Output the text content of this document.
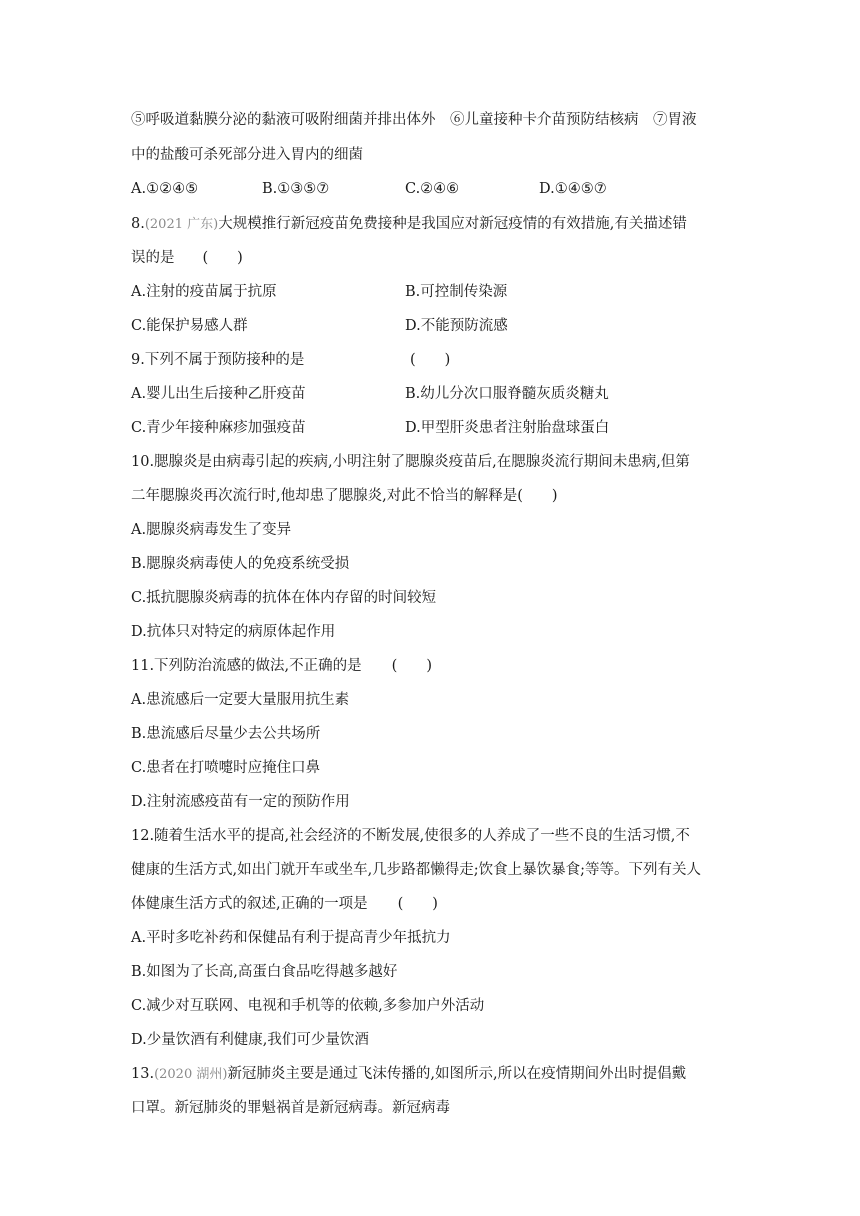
⑤呼吸道黏膜分泌的黏液可吸附细菌并排出体外　⑥儿童接种卡介苗预防结核病　⑦胃液
中的盐酸可杀死部分进入胃内的细菌
A.①②④⑤	B.①③⑤⑦	C.②④⑥	D.①④⑤⑦
8.(2021 广东)大规模推行新冠疫苗免费接种是我国应对新冠疫情的有效措施,有关描述错
误的是 (　　)
A.注射的疫苗属于抗原	B.可控制传染源
C.能保护易感人群	D.不能预防流感
9.下列不属于预防接种的是	(　　)
A.婴儿出生后接种乙肝疫苗	B.幼儿分次口服脊髓灰质炎糖丸
C.青少年接种麻疹加强疫苗	D.甲型肝炎患者注射胎盘球蛋白
10.腮腺炎是由病毒引起的疾病,小明注射了腮腺炎疫苗后,在腮腺炎流行期间未患病,但第
二年腮腺炎再次流行时,他却患了腮腺炎,对此不恰当的解释是(　　)
A.腮腺炎病毒发生了变异
B.腮腺炎病毒使人的免疫系统受损
C.抵抗腮腺炎病毒的抗体在体内存留的时间较短
D.抗体只对特定的病原体起作用
11.下列防治流感的做法,不正确的是 (　　)
A.患流感后一定要大量服用抗生素
B.患流感后尽量少去公共场所
C.患者在打喷嚏时应掩住口鼻
D.注射流感疫苗有一定的预防作用
12.随着生活水平的提高,社会经济的不断发展,使很多的人养成了一些不良的生活习惯,不
健康的生活方式,如出门就开车或坐车,几步路都懒得走;饮食上暴饮暴食;等等。下列有关人
体健康生活方式的叙述,正确的一项是 (　　)
A.平时多吃补药和保健品有利于提高青少年抵抗力
B.如图为了长高,高蛋白食品吃得越多越好
C.减少对互联网、电视和手机等的依赖,多参加户外活动
D.少量饮酒有利健康,我们可少量饮酒
13.(2020 湖州)新冠肺炎主要是通过飞沫传播的,如图所示,所以在疫情期间外出时提倡戴
口罩。新冠肺炎的罪魁祸首是新冠病毒。新冠病毒
